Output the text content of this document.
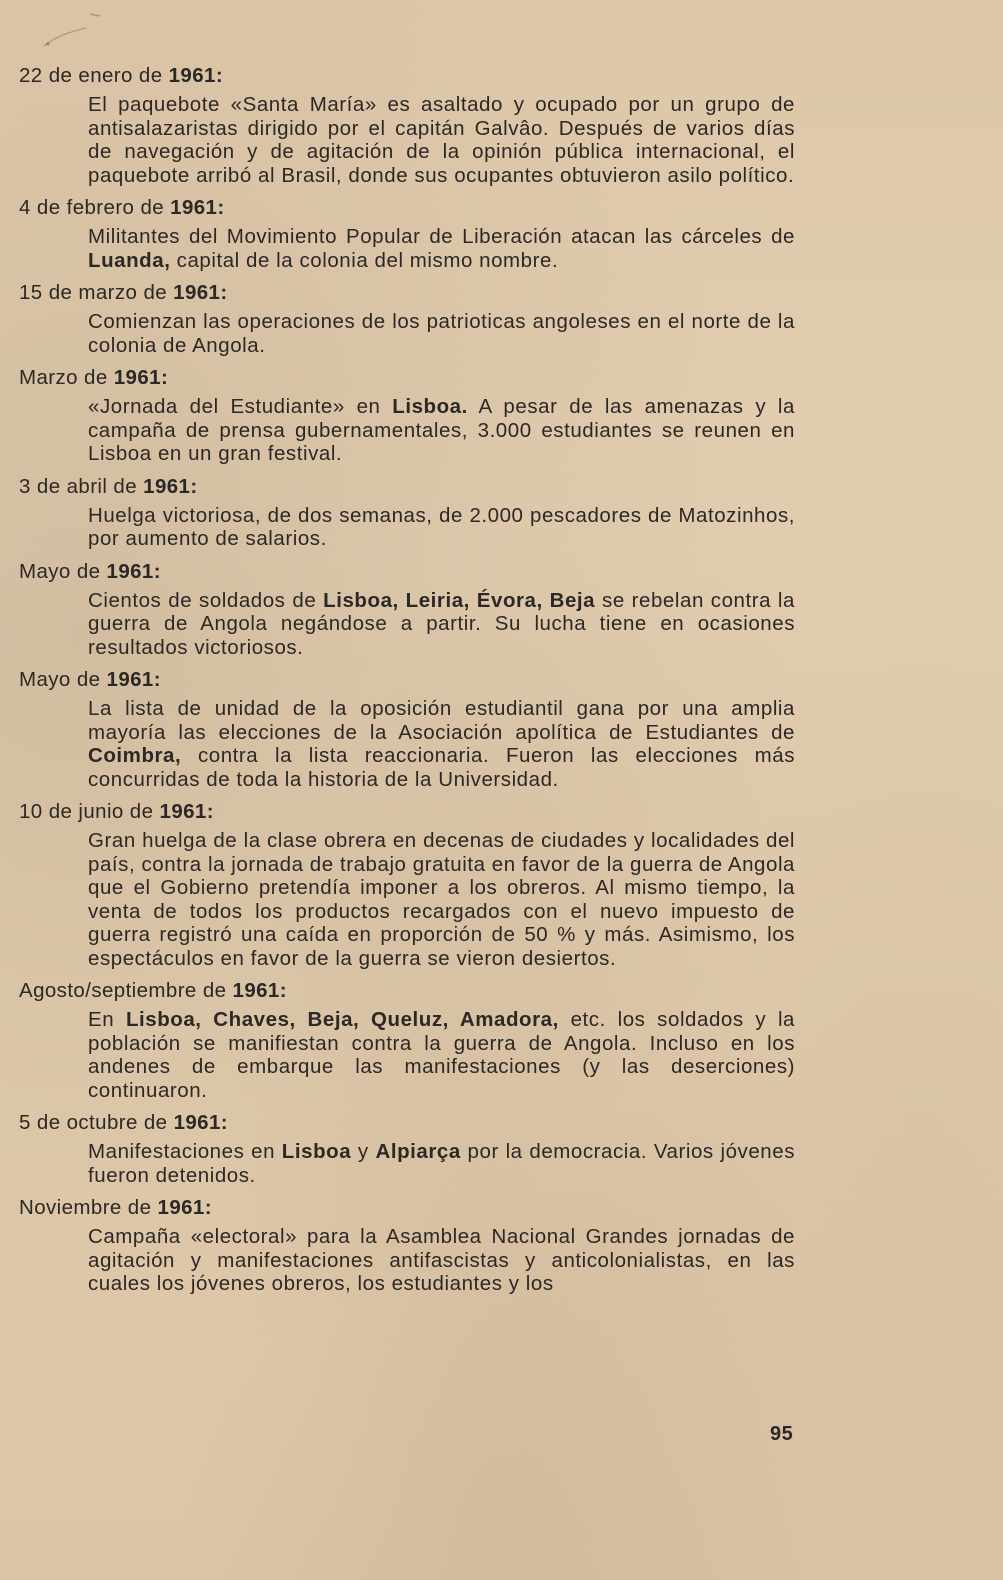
22 de enero de 1961:
El paquebote «Santa María» es asaltado y ocupado por un grupo de antisalazaristas dirigido por el capitán Galvâo. Después de varios días de navegación y de agitación de la opinión pública internacional, el paquebote arribó al Brasil, donde sus ocupantes obtuvieron asilo político.
4 de febrero de 1961:
Militantes del Movimiento Popular de Liberación atacan las cárceles de Luanda, capital de la colonia del mismo nombre.
15 de marzo de 1961:
Comienzan las operaciones de los patrioticas angoleses en el norte de la colonia de Angola.
Marzo de 1961:
«Jornada del Estudiante» en Lisboa. A pesar de las amenazas y la campaña de prensa gubernamentales, 3.000 estudiantes se reunen en Lisboa en un gran festival.
3 de abril de 1961:
Huelga victoriosa, de dos semanas, de 2.000 pescadores de Matozinhos, por aumento de salarios.
Mayo de 1961:
Cientos de soldados de Lisboa, Leiria, Évora, Beja se rebelan contra la guerra de Angola negándose a partir. Su lucha tiene en ocasiones resultados victoriosos.
Mayo de 1961:
La lista de unidad de la oposición estudiantil gana por una amplia mayoría las elecciones de la Asociación apolítica de Estudiantes de Coimbra, contra la lista reaccionaria. Fueron las elecciones más concurridas de toda la historia de la Universidad.
10 de junio de 1961:
Gran huelga de la clase obrera en decenas de ciudades y localidades del país, contra la jornada de trabajo gratuita en favor de la guerra de Angola que el Gobierno pretendía imponer a los obreros. Al mismo tiempo, la venta de todos los productos recargados con el nuevo impuesto de guerra registró una caída en proporción de 50 % y más. Asimismo, los espectáculos en favor de la guerra se vieron desiertos.
Agosto/septiembre de 1961:
En Lisboa, Chaves, Beja, Queluz, Amadora, etc. los soldados y la población se manifiestan contra la guerra de Angola. Incluso en los andenes de embarque las manifestaciones (y las deserciones) continuaron.
5 de octubre de 1961:
Manifestaciones en Lisboa y Alpiarça por la democracia. Varios jóvenes fueron detenidos.
Noviembre de 1961:
Campaña «electoral» para la Asamblea Nacional Grandes jornadas de agitación y manifestaciones antifascistas y anticolonialistas, en las cuales los jóvenes obreros, los estudiantes y los
95
